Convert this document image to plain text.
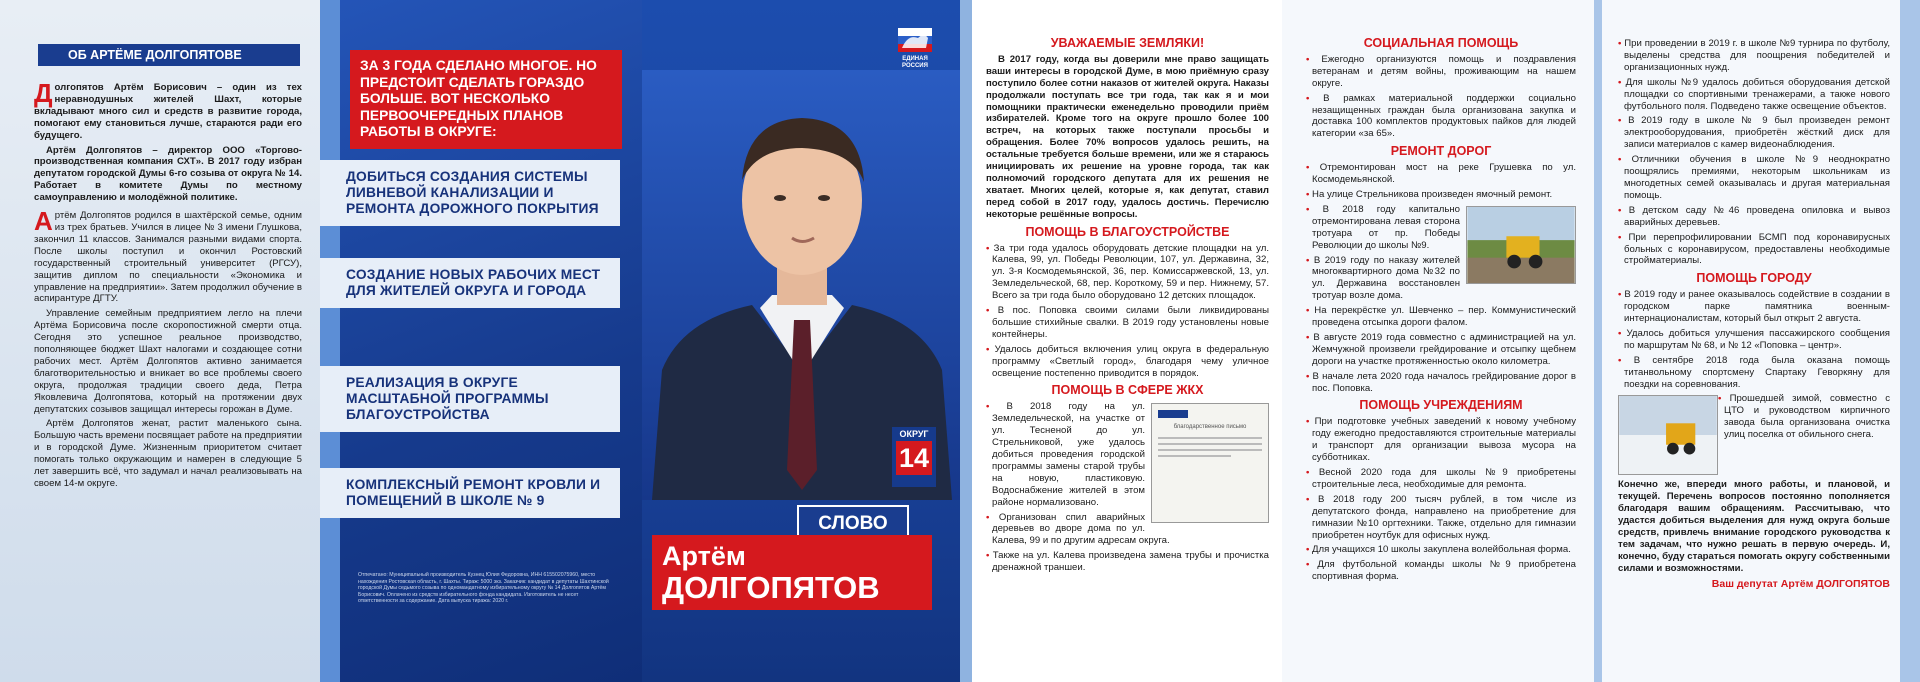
ОБ АРТЁМЕ ДОЛГОПЯТОВЕ

Долгопятов Артём Борисович – один из тех неравнодушных жителей Шахт, которые вкладывают много сил и средств в развитие города, помогают ему становиться лучше, стараются ради его будущего.

Артём Долгопятов – директор ООО «Торгово-производственная компания СХТ». В 2017 году избран депутатом городской Думы 6-го созыва от округа № 14. Работает в комитете Думы по местному самоуправлению и молодёжной политике.

Артём Долгопятов родился в шахтёрской семье, одним из трех братьев. Учился в лицее № 3 имени Глушкова, закончил 11 классов. Занимался разными видами спорта. После школы поступил и окончил Ростовский государственный строительный университет (РГСУ), защитив диплом по специальности «Экономика и управление на предприятии». Затем продолжил обучение в аспирантуре ДГТУ.

Управление семейным предприятием легло на плечи Артёма Борисовича после скоропостижной смерти отца. Сегодня это успешное реальное производство, пополняющее бюджет Шахт налогами и создающее сотни рабочих мест. Артём Долгопятов активно занимается благотворительностью и вникает во все проблемы своего округа, продолжая традиции своего деда, Петра Яковлевича Долгопятова, который на протяжении двух депутатских созывов защищал интересы горожан в Думе.

Артём Долгопятов женат, растит маленького сына. Большую часть времени посвящает работе на предприятии и в городской Думе. Жизненным приоритетом считает помогать только окружающим и намерен в следующие 5 лет завершить всё, что задумал и начал реализовывать на своем 14-м округе.

ЗА 3 ГОДА СДЕЛАНО МНОГОЕ. НО ПРЕДСТОИТ СДЕЛАТЬ ГОРАЗДО БОЛЬШЕ. ВОТ НЕСКОЛЬКО ПЕРВООЧЕРЕДНЫХ ПЛАНОВ РАБОТЫ В ОКРУГЕ:
ДОБИТЬСЯ СОЗДАНИЯ СИСТЕМЫ ЛИВНЕВОЙ КАНАЛИЗАЦИИ И РЕМОНТА ДОРОЖНОГО ПОКРЫТИЯ
СОЗДАНИЕ НОВЫХ РАБОЧИХ МЕСТ ДЛЯ ЖИТЕЛЕЙ ОКРУГА И ГОРОДА
РЕАЛИЗАЦИЯ В ОКРУГЕ МАСШТАБНОЙ ПРОГРАММЫ БЛАГОУСТРОЙСТВА
КОМПЛЕКСНЫЙ РЕМОНТ КРОВЛИ И ПОМЕЩЕНИЙ В ШКОЛЕ № 9
Отпечатано: Муниципальный производитель Кузнец Юлия Федоровна, ИНН 615502075960, место нахождения Ростовская область, г. Шахты. Тираж: 5000 экз. Заказчик: кандидат в депутаты Шахтинской городской Думы седьмого созыва по одномандатному избирательному округу № 14 Долгопятов Артём Борисович. Оплачено из средств избирательного фонда кандидата. Изготовитель не несет ответственности за содержание. Дата выпуска тиража: 2020 г.
ЕДИНАЯ РОССИЯ
ОКРУГ
14
СЛОВО
Артём
ДОЛГОПЯТОВ
УВАЖАЕМЫЕ ЗЕМЛЯКИ!

В 2017 году, когда вы доверили мне право защищать ваши интересы в городской Думе, в мою приёмную сразу поступило более сотни наказов от жителей округа. Наказы продолжали поступать все три года, так как я и мои помощники практически еженедельно проводили приём избирателей. Кроме того на округе прошло более 100 встреч, на которых также поступали просьбы и обращения. Более 70% вопросов удалось решить, на остальные требуется больше времени, или же я стараюсь инициировать их решение на уровне города, так как полномочий городского депутата для их решения не хватает. Многих целей, которые я, как депутат, ставил перед собой в 2017 году, удалось достичь. Перечислю некоторые решённые вопросы.

ПОМОЩЬ В БЛАГОУСТРОЙСТВЕ

• За три года удалось оборудовать детские площадки на ул. Калева, 99, ул. Победы Революции, 107, ул. Державина, 32, ул. 3-я Космодемьянской, 36, пер. Комиссаржевской, 13, ул. Земледельческой, 68, пер. Короткому, 59 и пер. Нижнему, 57. Всего за три года было оборудовано 12 детских площадок.

• В пос. Поповка своими силами были ликвидированы большие стихийные свалки. В 2019 году установлены новые контейнеры.

• Удалось добиться включения улиц округа в федеральную программу «Светлый город», благодаря чему уличное освещение постепенно приводится в порядок.

ПОМОЩЬ В СФЕРЕ ЖКХ
благодарственное письмо

• В 2018 году на ул. Земледельческой, на участке от ул. Тесненой до ул. Стрельниковой, уже удалось добиться проведения городской программы замены старой трубы на новую, пластиковую. Водоснабжение жителей в этом районе нормализовано.

• Организован спил аварийных деревьев во дворе дома по ул. Калева, 99 и по другим адресам округа.

• Также на ул. Калева произведена замена трубы и прочистка дренажной траншеи.

СОЦИАЛЬНАЯ ПОМОЩЬ

• Ежегодно организуются помощь и поздравления ветеранам и детям войны, проживающим на нашем округе.

• В рамках материальной поддержки социально незащищенных граждан была организована закупка и доставка 100 комплектов продуктовых пайков для людей категории «за 65».

РЕМОНТ ДОРОГ

• Отремонтирован мост на реке Грушевка по ул. Космодемьянской.

• На улице Стрельникова произведен ямочный ремонт.

• В 2018 году капитально отремонтирована левая сторона тротуара от пр. Победы Революции до школы №9.

• В 2019 году по наказу жителей многоквартирного дома №32 по ул. Державина восстановлен тротуар возле дома.

• На перекрёстке ул. Шевченко – пер. Коммунистический проведена отсыпка дороги фалом.

• В августе 2019 года совместно с администрацией на ул. Жемчужной произвели грейдирование и отсыпку щебнем дороги на участке протяженностью около километра.

• В начале лета 2020 года началось грейдирование дорог в пос. Поповка.

ПОМОЩЬ УЧРЕЖДЕНИЯМ

• При подготовке учебных заведений к новому учебному году ежегодно предоставляются строительные материалы и транспорт для организации вывоза мусора на субботниках.

• Весной 2020 года для школы №9 приобретены строительные леса, необходимые для ремонта.

• В 2018 году 200 тысяч рублей, в том числе из депутатского фонда, направлено на приобретение для гимназии №10 оргтехники. Также, отдельно для гимназии приобретен ноутбук для офисных нужд.

• Для учащихся 10 школы закуплена волейбольная форма.

• Для футбольной команды школы №9 приобретена спортивная форма.

• При проведении в 2019 г. в школе №9 турнира по футболу, выделены средства для поощрения победителей и организационных нужд.

• Для школы №9 удалось добиться оборудования детской площадки со спортивными тренажерами, а также нового футбольного поля. Подведено также освещение объектов.

• В 2019 году в школе № 9 был произведен ремонт электрооборудования, приобретён жёсткий диск для записи материалов с камер видеонаблюдения.

• Отличники обучения в школе №9 неоднократно поощрялись премиями, некоторым школьникам из многодетных семей оказывалась и другая материальная помощь.

• В детском саду №46 проведена опиловка и вывоз аварийных деревьев.

• При перепрофилировании БСМП под коронавирусных больных с коронавирусом, предоставлены необходимые стройматериалы.

ПОМОЩЬ ГОРОДУ

• В 2019 году и ранее оказывалось содействие в создании в городском парке памятника военным-интернационалистам, который был открыт 2 августа.

• Удалось добиться улучшения пассажирского сообщения по маршрутам № 68, и № 12 «Поповка – центр».

• В сентябре 2018 года была оказана помощь титанвольному спортсмену Спартаку Геворкяну для поездки на соревнования.

• Прошедшей зимой, совместно с ЦТО и руководством кирпичного завода была организована очистка улиц поселка от обильного снега.

Конечно же, впереди много работы, и плановой, и текущей. Перечень вопросов постоянно пополняется благодаря вашим обращениям. Рассчитываю, что удастся добиться выделения для нужд округа больше средств, привлечь внимание городского руководства к тем задачам, что нужно решать в первую очередь. И, конечно, буду стараться помогать округу собственными силами и возможностями.

Ваш депутат Артём ДОЛГОПЯТОВ
